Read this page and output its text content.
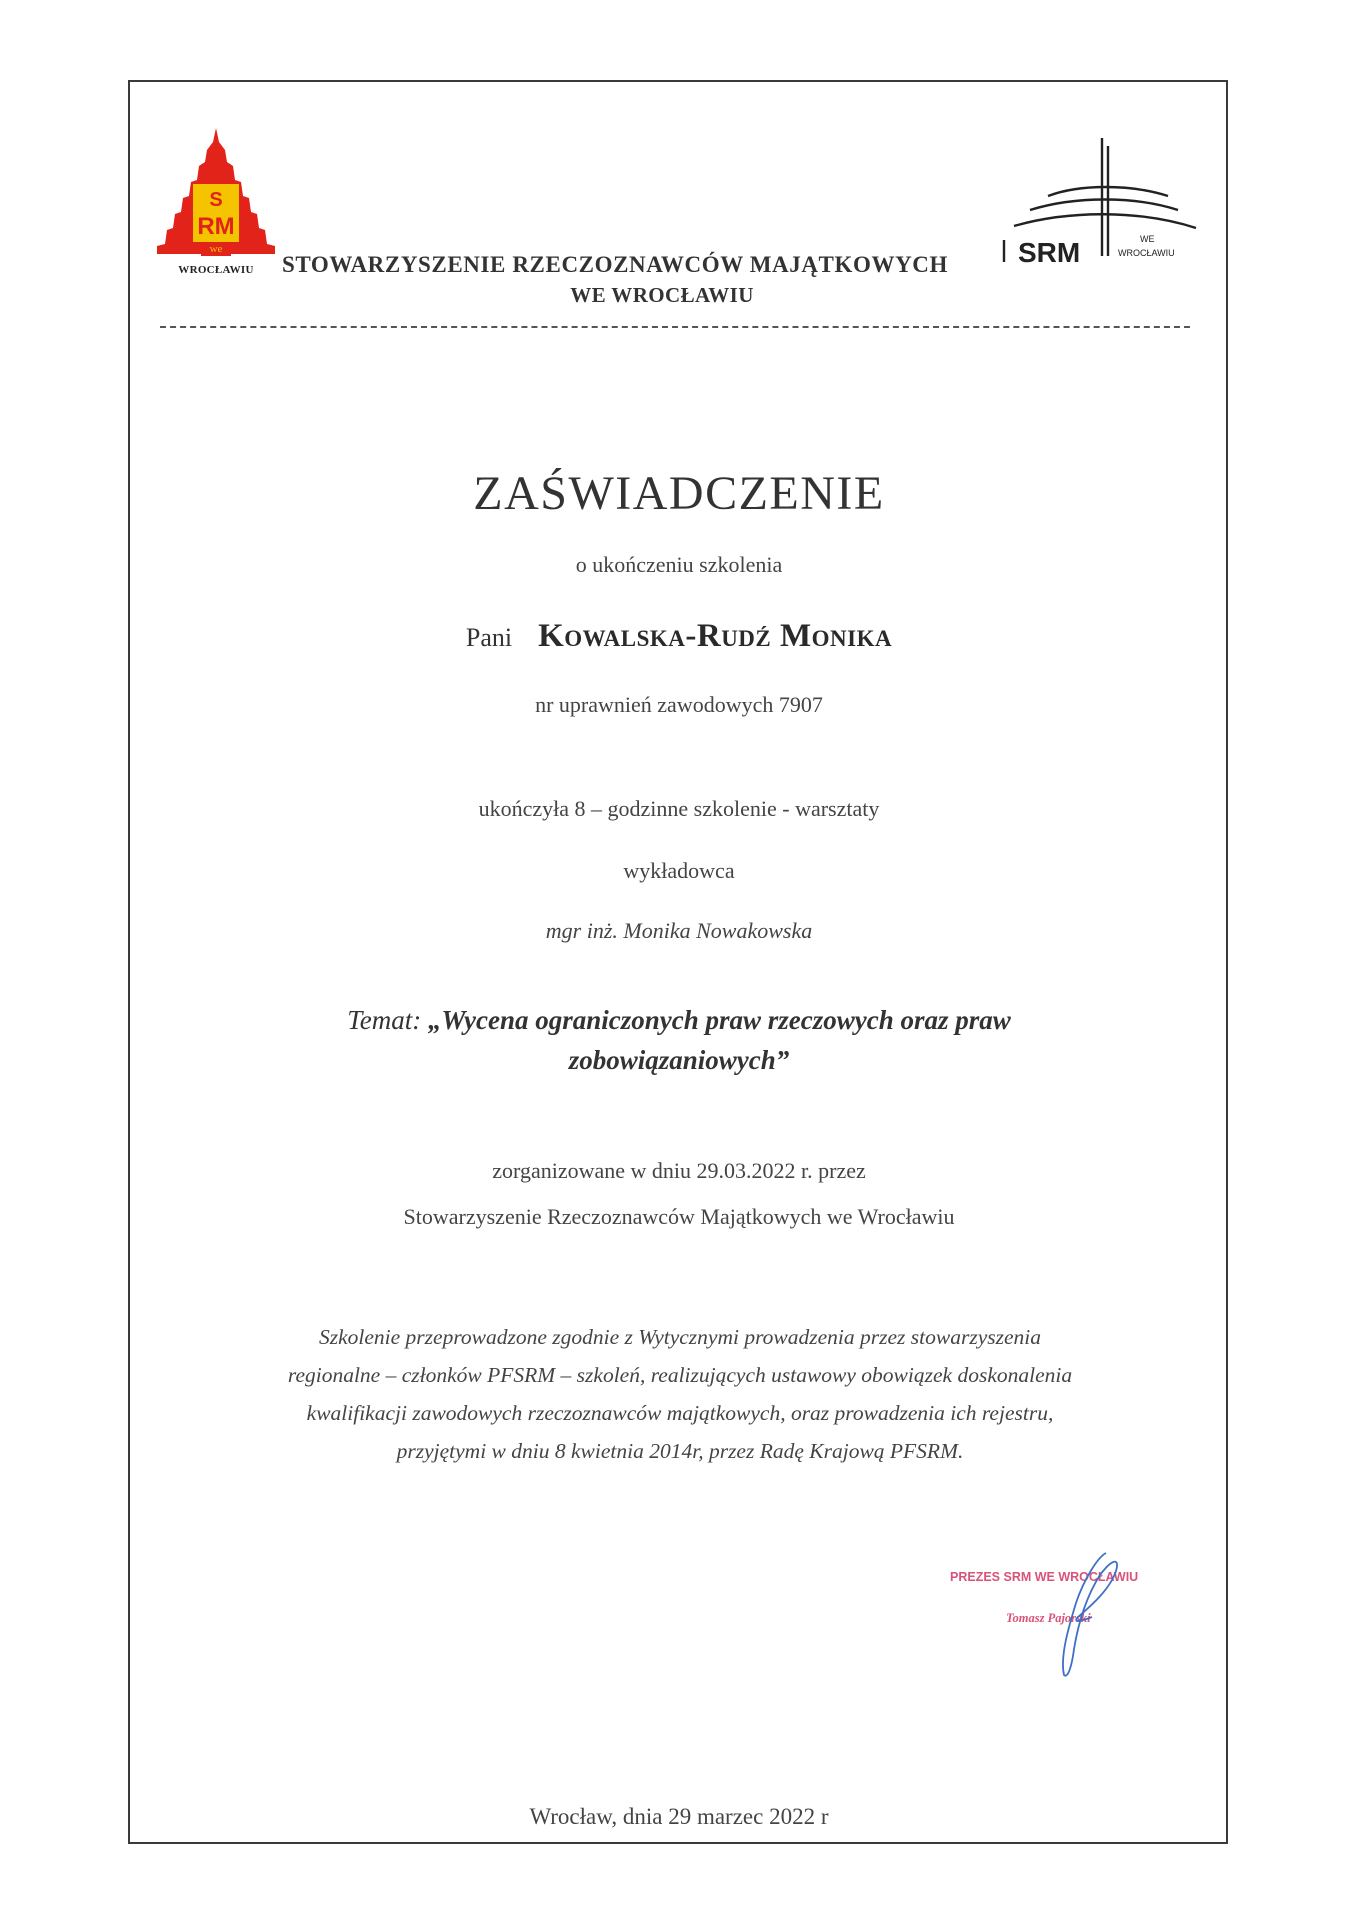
S
RM
we
WROCŁAWIU
SRM	WE
WROCŁAWIU
STOWARZYSZENIE RZECZOZNAWCÓW MAJĄTKOWYCH
WE WROCŁAWIU
ZAŚWIADCZENIE
o ukończeniu szkolenia
Pani Kowalska-Rudź Monika
nr uprawnień zawodowych 7907
ukończyła 8 – godzinne szkolenie - warsztaty
wykładowca
mgr inż. Monika Nowakowska
Temat: „Wycena ograniczonych praw rzeczowych oraz praw
zobowiązaniowych”
zorganizowane w dniu 29.03.2022 r. przez
Stowarzyszenie Rzeczoznawców Majątkowych we Wrocławiu
Szkolenie przeprowadzone zgodnie z Wytycznymi prowadzenia przez stowarzyszenia
regionalne – członków PFSRM – szkoleń, realizujących ustawowy obowiązek doskonalenia
kwalifikacji zawodowych rzeczoznawców majątkowych, oraz prowadzenia ich rejestru,
przyjętymi w dniu 8 kwietnia 2014r, przez Radę Krajową PFSRM.
PREZES SRM WE WROCŁAWIU
Tomasz Pajorski
Wrocław, dnia 29 marzec 2022 r
